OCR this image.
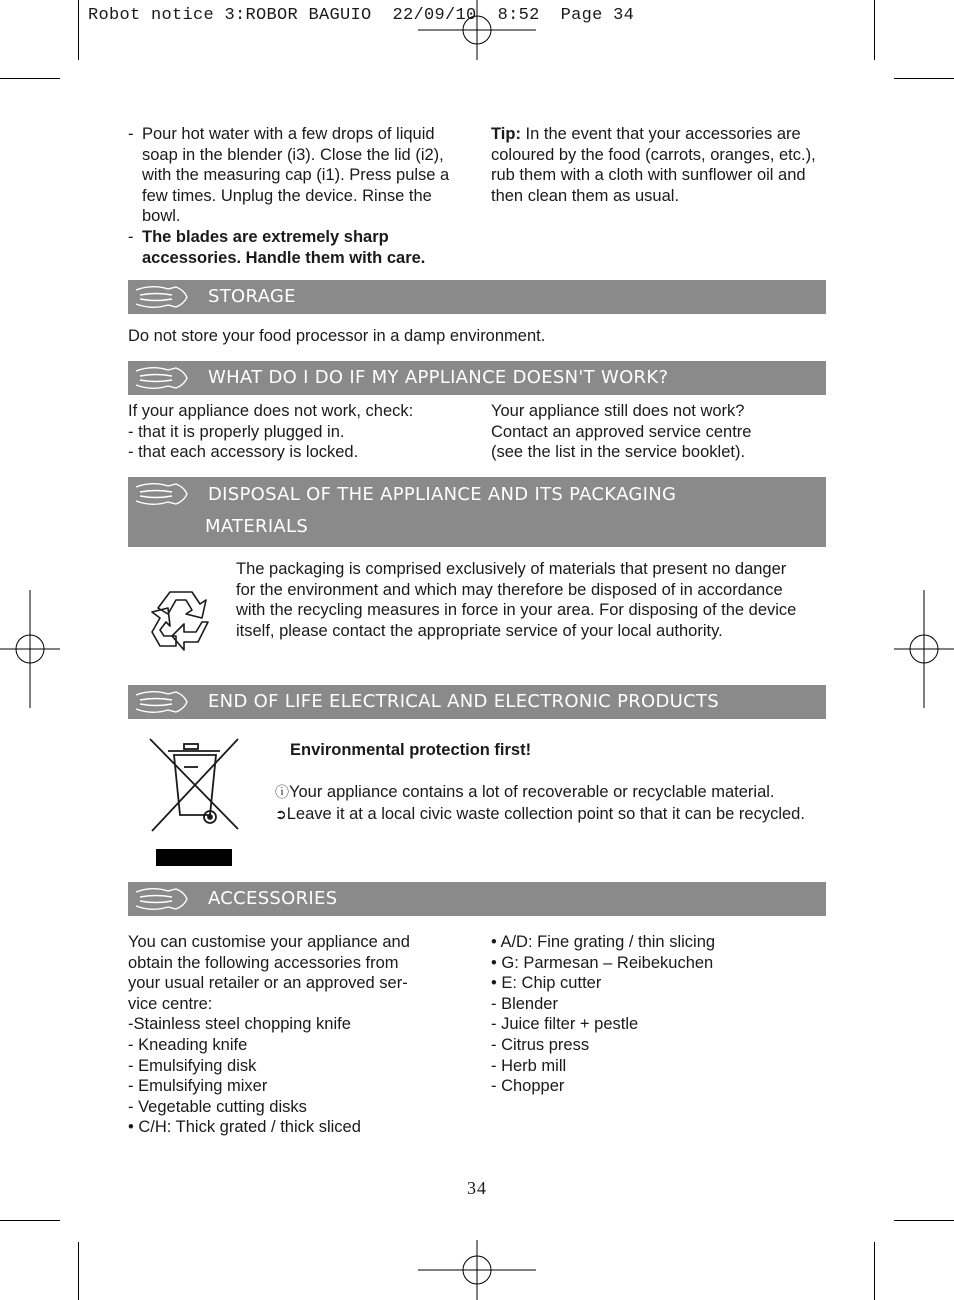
Robot notice 3:ROBOR BAGUIO  22/09/10  8:52  Page 34
- Pour hot water with a few drops of liquid soap in the blender (i3). Close the lid (i2), with the measuring cap (i1). Press pulse a few times. Unplug the device. Rinse the bowl.
- The blades are extremely sharp accessories. Handle them with care.
Tip: In the event that your accessories are coloured by the food (carrots, oranges, etc.), rub them with a cloth with sunflower oil and then clean them as usual.
STORAGE
Do not store your food processor in a damp environment.
WHAT DO I DO IF MY APPLIANCE DOESN'T WORK?
If your appliance does not work, check:
- that it is properly plugged in.
- that each accessory is locked.
Your appliance still does not work?
Contact an approved service centre
(see the list in the service booklet).
DISPOSAL OF THE APPLIANCE AND ITS PACKAGING
MATERIALS
The packaging is comprised exclusively of materials that present no danger for the environment and which may therefore be disposed of in accordance with the recycling measures in force in your area. For disposing of the device itself, please contact the appropriate service of your local authority.
END OF LIFE ELECTRICAL AND ELECTRONIC PRODUCTS
Environmental protection first!
ⓘYour appliance contains a lot of recoverable or recyclable material.
➲Leave it at a local civic waste collection point so that it can be recycled.
ACCESSORIES
You can customise your appliance and
obtain the following accessories from
your usual retailer or an approved ser-
vice centre:
-Stainless steel chopping knife
- Kneading knife
- Emulsifying disk
- Emulsifying mixer
- Vegetable cutting disks
• C/H: Thick grated / thick sliced
• A/D: Fine grating / thin slicing
• G: Parmesan – Reibekuchen
• E: Chip cutter
- Blender
- Juice filter + pestle
- Citrus press
- Herb mill
- Chopper
34
